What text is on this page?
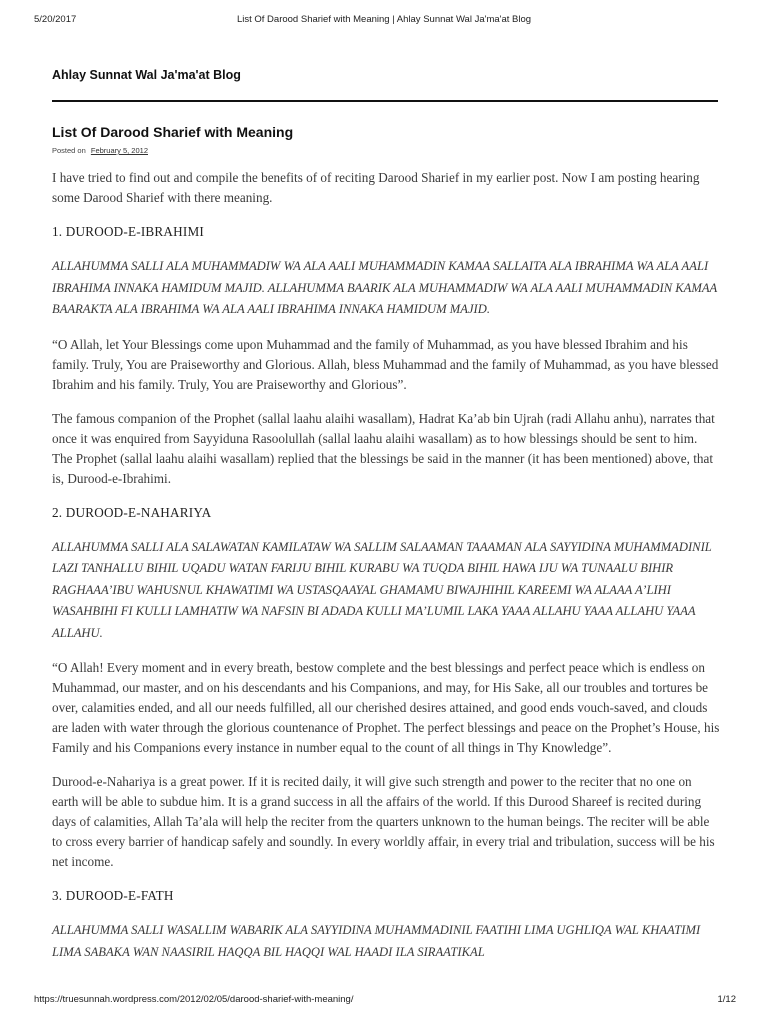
5/20/2017	List Of Darood Sharief with Meaning | Ahlay Sunnat Wal Ja'ma'at Blog
Ahlay Sunnat Wal Ja'ma'at Blog
List Of Darood Sharief with Meaning
Posted on February 5, 2012

I have tried to find out and compile the benefits of of reciting Darood Sharief in my earlier post. Now I am posting hearing some Darood Sharief with there meaning.

1. DUROOD-E-IBRAHIMI

ALLAHUMMA SALLI ALA MUHAMMADIW WA ALA AALI MUHAMMADIN KAMAA SALLAITA ALA IBRAHIMA WA ALA AALI IBRAHIMA INNAKA HAMIDUM MAJID. ALLAHUMMA BAARIK ALA MUHAMMADIW WA ALA AALI MUHAMMADIN KAMAA BAARAKTA ALA IBRAHIMA WA ALA AALI IBRAHIMA INNAKA HAMIDUM MAJID.

“O Allah, let Your Blessings come upon Muhammad and the family of Muhammad, as you have blessed Ibrahim and his family. Truly, You are Praiseworthy and Glorious. Allah, bless Muhammad and the family of Muhammad, as you have blessed Ibrahim and his family. Truly, You are Praiseworthy and Glorious”.

The famous companion of the Prophet (sallal laahu alaihi wasallam), Hadrat Ka’ab bin Ujrah (radi Allahu anhu), narrates that once it was enquired from Sayyiduna Rasoolullah (sallal laahu alaihi wasallam) as to how blessings should be sent to him. The Prophet (sallal laahu alaihi wasallam) replied that the blessings be said in the manner (it has been mentioned) above, that is, Durood-e-Ibrahimi.

2. DUROOD-E-NAHARIYA

ALLAHUMMA SALLI ALA SALAWATAN KAMILATAW WA SALLIM SALAAMAN TAAAMAN ALA SAYYIDINA MUHAMMADINIL LAZI TANHALLU BIHIL UQADU WATAN FARIJU BIHIL KURABU WA TUQDA BIHIL HAWA IJU WA TUNAALU BIHIR RAGHAAA’IBU WAHUSNUL KHAWATIMI WA USTASQAAYAL GHAMAMU BIWAJHIHIL KAREEMI WA ALAAA A’LIHI WASAHBIHI FI KULLI LAMHATIW WA NAFSIN BI ADADA KULLI MA’LUMIL LAKA YAAA ALLAHU YAAA ALLAHU YAAA ALLAHU.

“O Allah! Every moment and in every breath, bestow complete and the best blessings and perfect peace which is endless on Muhammad, our master, and on his descendants and his Companions, and may, for His Sake, all our troubles and tortures be over, calamities ended, and all our needs fulfilled, all our cherished desires attained, and good ends vouch-saved, and clouds are laden with water through the glorious countenance of Prophet. The perfect blessings and peace on the Prophet’s House, his Family and his Companions every instance in number equal to the count of all things in Thy Knowledge”.

Durood-e-Nahariya is a great power. If it is recited daily, it will give such strength and power to the reciter that no one on earth will be able to subdue him. It is a grand success in all the affairs of the world. If this Durood Shareef is recited during days of calamities, Allah Ta’ala will help the reciter from the quarters unknown to the human beings. The reciter will be able to cross every barrier of handicap safely and soundly. In every worldly affair, in every trial and tribulation, success will be his net income.

3. DUROOD-E-FATH

ALLAHUMMA SALLI WASALLIM WABARIK ALA SAYYIDINA MUHAMMADINIL FAATIHI LIMA UGHLIQA WAL KHAATIMI LIMA SABAKA WAN NAASIRIL HAQQA BIL HAQQI WAL HAADI ILA SIRAATIKAL

https://truesunnah.wordpress.com/2012/02/05/darood-sharief-with-meaning/	1/12
